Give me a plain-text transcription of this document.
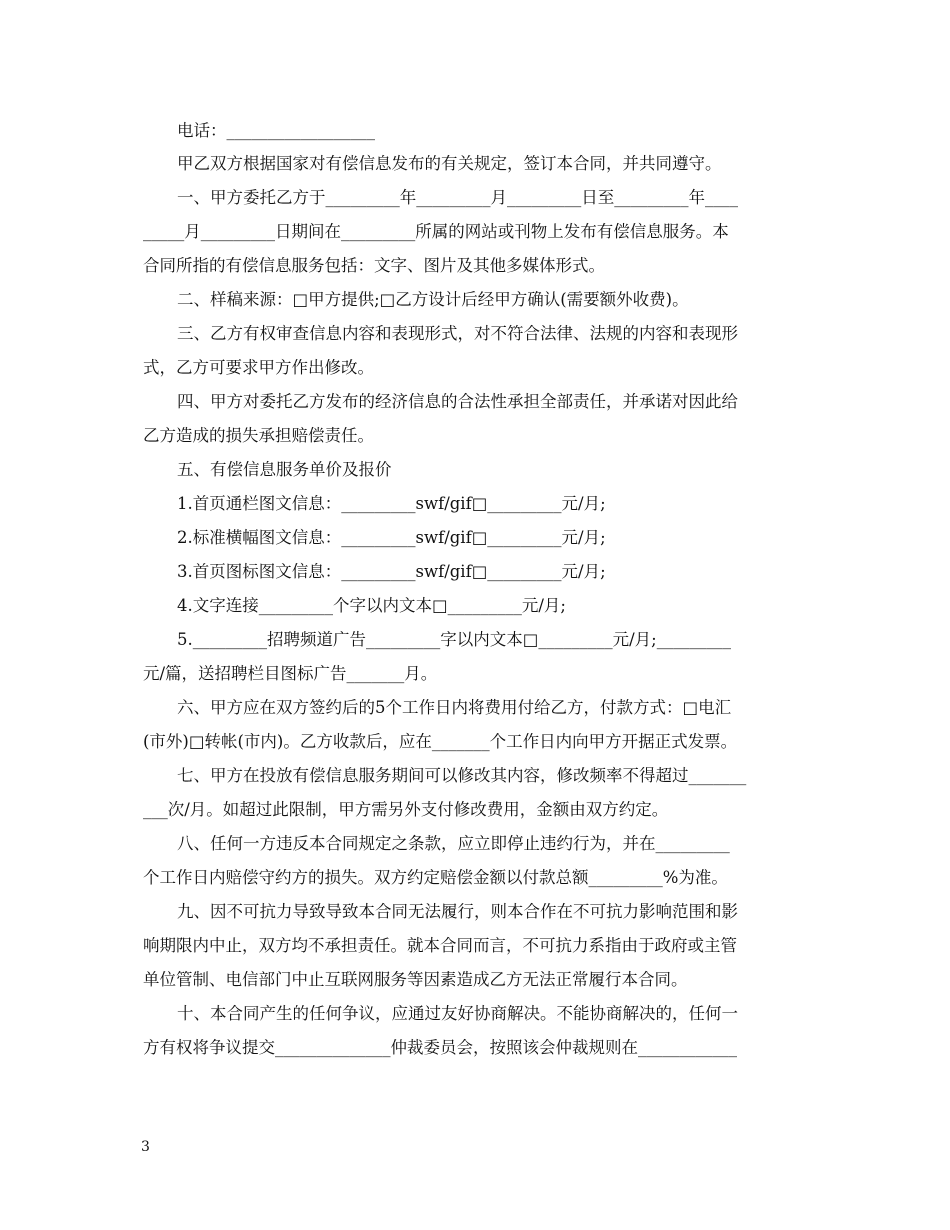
电话：__________________
甲乙双方根据国家对有偿信息发布的有关规定，签订本合同，并共同遵守。
一、甲方委托乙方于_________年_________月_________日至_________年____
_____月_________日期间在_________所属的网站或刊物上发布有偿信息服务。本
合同所指的有偿信息服务包括：文字、图片及其他多媒体形式。
二、样稿来源：□甲方提供;□乙方设计后经甲方确认(需要额外收费)。
三、乙方有权审查信息内容和表现形式，对不符合法律、法规的内容和表现形
式，乙方可要求甲方作出修改。
四、甲方对委托乙方发布的经济信息的合法性承担全部责任，并承诺对因此给
乙方造成的损失承担赔偿责任。
五、有偿信息服务单价及报价
1.首页通栏图文信息：_________swf/gif□_________元/月;
2.标准横幅图文信息：_________swf/gif□_________元/月;
3.首页图标图文信息：_________swf/gif□_________元/月;
4.文字连接_________个字以内文本□_________元/月;
5._________招聘频道广告_________字以内文本□_________元/月;_________
元/篇，送招聘栏目图标广告_______月。
六、甲方应在双方签约后的5个工作日内将费用付给乙方，付款方式：□电汇
(市外)□转帐(市内)。乙方收款后，应在_______个工作日内向甲方开据正式发票。
七、甲方在投放有偿信息服务期间可以修改其内容，修改频率不得超过_______
___次/月。如超过此限制，甲方需另外支付修改费用，金额由双方约定。
八、任何一方违反本合同规定之条款，应立即停止违约行为，并在_________
个工作日内赔偿守约方的损失。双方约定赔偿金额以付款总额_________%为准。
九、因不可抗力导致导致本合同无法履行，则本合作在不可抗力影响范围和影
响期限内中止，双方均不承担责任。就本合同而言，不可抗力系指由于政府或主管
单位管制、电信部门中止互联网服务等因素造成乙方无法正常履行本合同。
十、本合同产生的任何争议，应通过友好协商解决。不能协商解决的，任何一
方有权将争议提交______________仲裁委员会，按照该会仲裁规则在____________
3
